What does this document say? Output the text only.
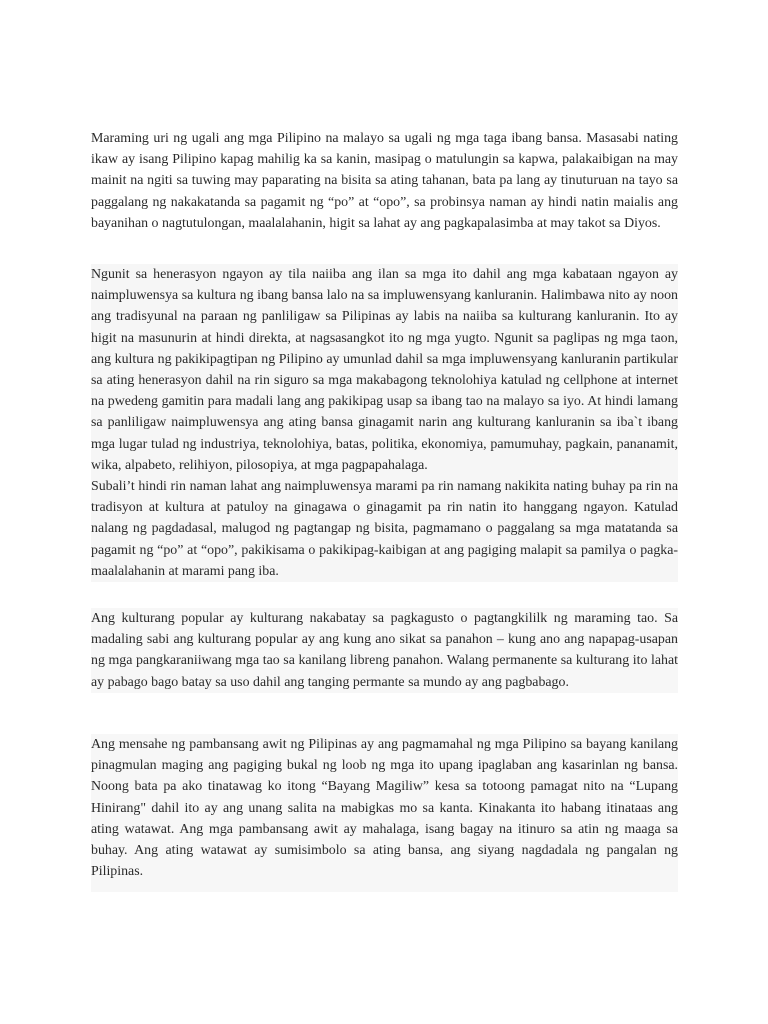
Maraming uri ng ugali ang mga Pilipino na malayo sa ugali ng mga taga ibang bansa. Masasabi nating ikaw ay isang Pilipino kapag mahilig ka sa kanin, masipag o matulungin sa kapwa, palakaibigan na may mainit na ngiti sa tuwing may paparating na bisita sa ating tahanan, bata pa lang ay tinuturuan na tayo sa paggalang ng nakakatanda sa pagamit ng “po” at “opo”, sa probinsya naman ay hindi natin maialis ang bayanihan o nagtutulongan, maalalahanin, higit sa lahat ay ang pagkapalasimba at may takot sa Diyos.

Ngunit sa henerasyon ngayon ay tila naiiba ang ilan sa mga ito dahil ang mga kabataan ngayon ay naimpluwensya sa kultura ng ibang bansa lalo na sa impluwensyang kanluranin. Halimbawa nito ay noon ang tradisyunal na paraan ng panliligaw sa Pilipinas ay labis na naiiba sa kulturang kanluranin. Ito ay higit na masunurin at hindi direkta, at nagsasangkot ito ng mga yugto. Ngunit sa paglipas ng mga taon, ang kultura ng pakikipagtipan ng Pilipino ay umunlad dahil sa mga impluwensyang kanluranin partikular sa ating henerasyon dahil na rin siguro sa mga makabagong teknolohiya katulad ng cellphone at internet na pwedeng gamitin para madali lang ang pakikipag usap sa ibang tao na malayo sa iyo. At hindi lamang sa panliligaw naimpluwensya ang ating bansa ginagamit narin ang kulturang kanluranin sa iba`t ibang mga lugar tulad ng industriya, teknolohiya, batas, politika, ekonomiya, pamumuhay, pagkain, pananamit, wika, alpabeto, relihiyon, pilosopiya, at mga pagpapahalaga.

Subali’t hindi rin naman lahat ang naimpluwensya marami pa rin namang nakikita nating buhay pa rin na tradisyon at kultura at patuloy na ginagawa o ginagamit pa rin natin ito hanggang ngayon. Katulad nalang ng pagdadasal, malugod ng pagtangap ng bisita, pagmamano o paggalang sa mga matatanda sa pagamit ng “po” at “opo”, pakikisama o pakikipag-kaibigan at ang pagiging malapit sa pamilya o pagka-maalalahanin at marami pang iba.

Ang kulturang popular ay kulturang nakabatay sa pagkagusto o pagtangkililk ng maraming tao. Sa madaling sabi ang kulturang popular ay ang kung ano sikat sa panahon – kung ano ang napapag-usapan ng mga pangkaraniiwang mga tao sa kanilang libreng panahon. Walang permanente sa kulturang ito lahat ay pabago bago batay sa uso dahil ang tanging permante sa mundo ay ang pagbabago.

Ang mensahe ng pambansang awit ng Pilipinas ay ang pagmamahal ng mga Pilipino sa bayang kanilang pinagmulan maging ang pagiging bukal ng loob ng mga ito upang ipaglaban ang kasarinlan ng bansa. Noong bata pa ako tinatawag ko itong “Bayang Magiliw” kesa sa totoong pamagat nito na “Lupang Hinirang" dahil ito ay ang unang salita na mabigkas mo sa kanta. Kinakanta ito habang itinataas ang ating watawat. Ang mga pambansang awit ay mahalaga, isang bagay na itinuro sa atin ng maaga sa buhay. Ang ating watawat ay sumisimbolo sa ating bansa, ang siyang nagdadala ng pangalan ng Pilipinas.
